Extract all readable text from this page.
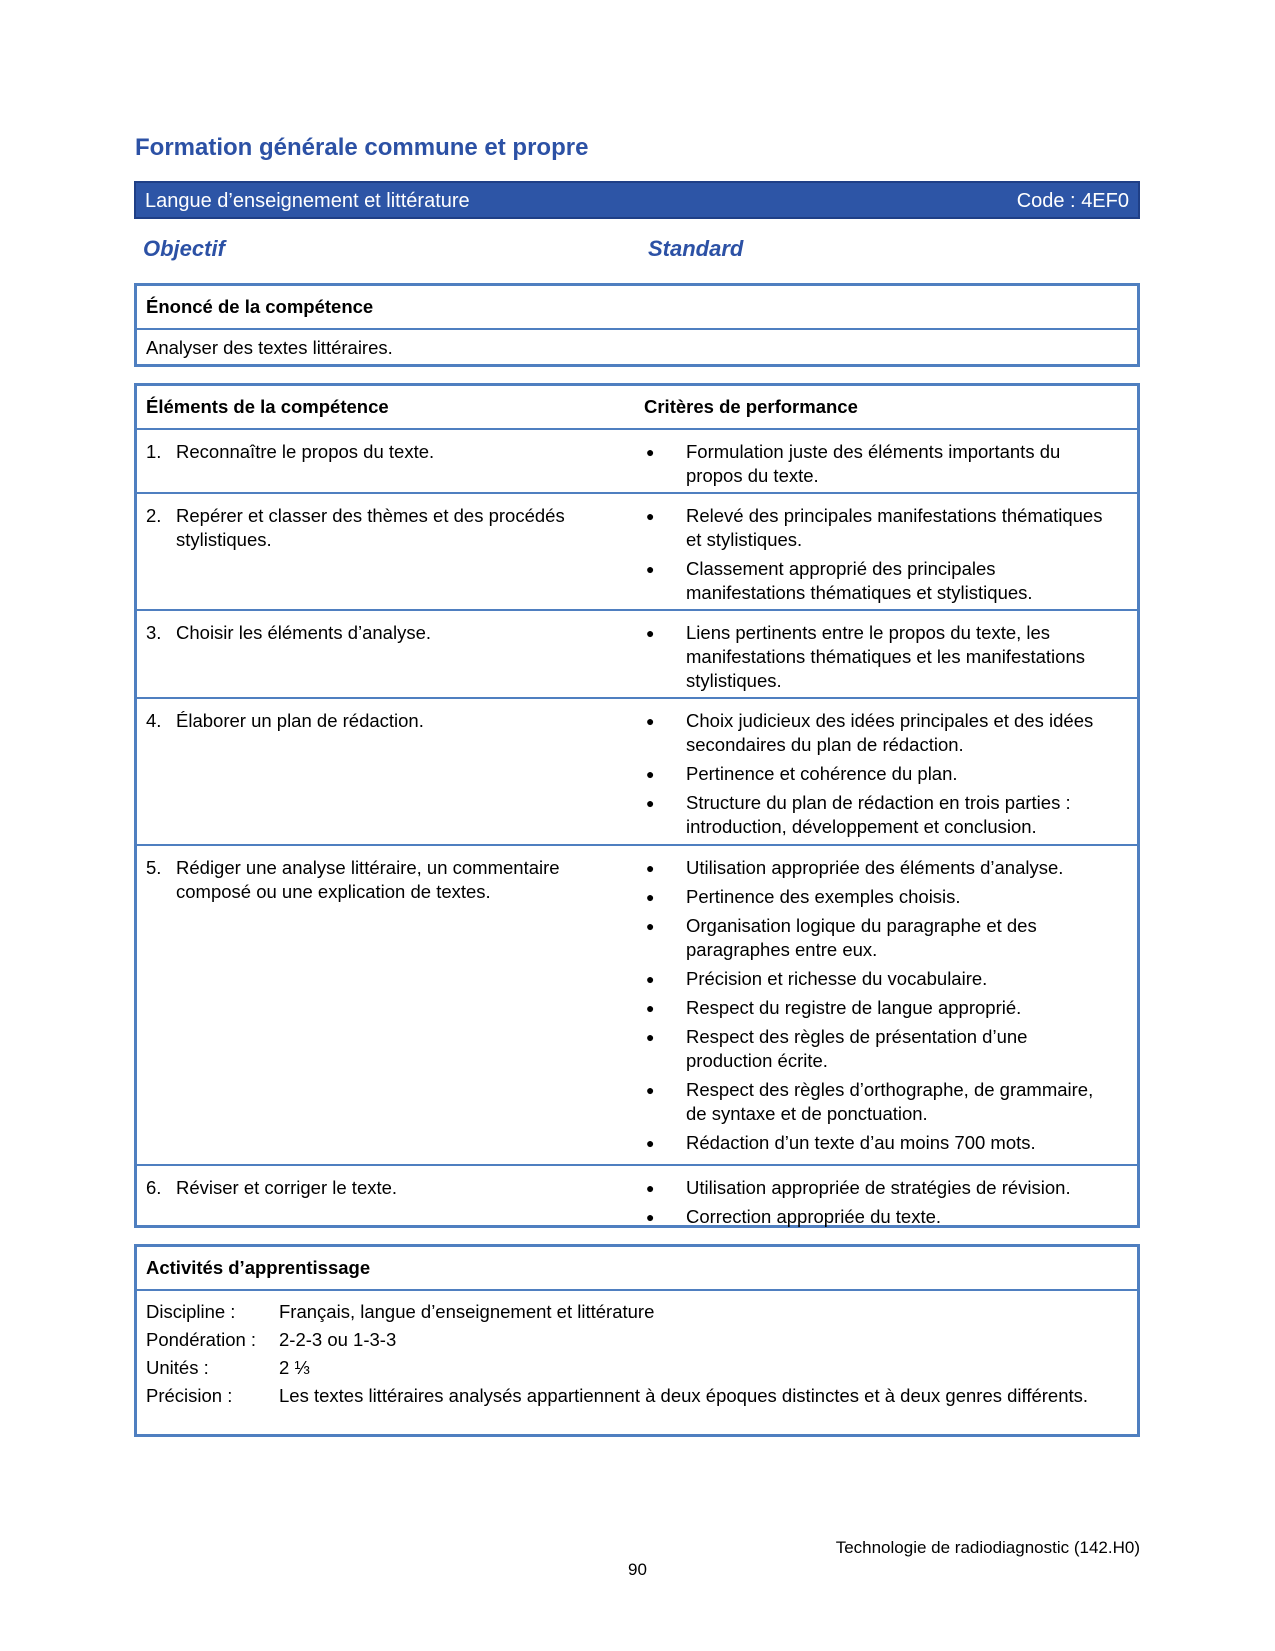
Formation générale commune et propre
Langue d’enseignement et littérature	Code : 4EF0
Objectif	Standard
Énoncé de la compétence
Analyser des textes littéraires.
Éléments de la compétence	Critères de performance
1. Reconnaître le propos du texte.	●	Formulation juste des éléments importants du propos du texte.
2. Repérer et classer des thèmes et des procédés stylistiques.
●	Relevé des principales manifestations thématiques et stylistiques.
●	Classement approprié des principales manifestations thématiques et stylistiques.
3. Choisir les éléments d’analyse.	●	Liens pertinents entre le propos du texte, les manifestations thématiques et les manifestations stylistiques.
4. Élaborer un plan de rédaction.	●	Choix judicieux des idées principales et des idées secondaires du plan de rédaction.
●	Pertinence et cohérence du plan.
●	Structure du plan de rédaction en trois parties : introduction, développement et conclusion.
5. Rédiger une analyse littéraire, un commentaire composé ou une explication de textes.
●	Utilisation appropriée des éléments d’analyse.
●	Pertinence des exemples choisis.
●	Organisation logique du paragraphe et des paragraphes entre eux.
●	Précision et richesse du vocabulaire.
●	Respect du registre de langue approprié.
●	Respect des règles de présentation d’une production écrite.
●	Respect des règles d’orthographe, de grammaire, de syntaxe et de ponctuation.
●	Rédaction d’un texte d’au moins 700 mots.
6. Réviser et corriger le texte.	●	Utilisation appropriée de stratégies de révision.
●	Correction appropriée du texte.
Activités d’apprentissage
Discipline :	Français, langue d’enseignement et littérature
Pondération :	2-2-3 ou 1-3-3
Unités :	2 ⅓
Précision :	Les textes littéraires analysés appartiennent à deux époques distinctes et à deux genres différents.
Technologie de radiodiagnostic (142.H0)
90
